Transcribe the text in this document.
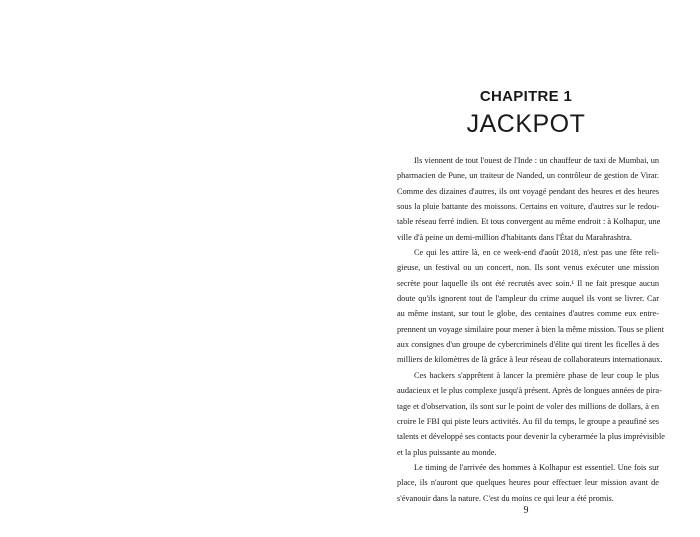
CHAPITRE 1
JACKPOT
Ils viennent de tout l'ouest de l'Inde : un chauffeur de taxi de Mumbai, un
pharmacien de Pune, un traiteur de Nanded, un contrôleur de gestion de Virar.
Comme des dizaines d'autres, ils ont voyagé pendant des heures et des heures
sous la pluie battante des moissons. Certains en voiture, d'autres sur le redou-
table réseau ferré indien. Et tous convergent au même endroit : à Kolhapur, une
ville d'à peine un demi-million d'habitants dans l'État du Marahrashtra.
Ce qui les attire là, en ce week-end d'août 2018, n'est pas une fête reli-
gieuse, un festival ou un concert, non. Ils sont venus exécuter une mission
secrète pour laquelle ils ont été recrutés avec soin.¹ Il ne fait presque aucun
doute qu'ils ignorent tout de l'ampleur du crime auquel ils vont se livrer. Car
au même instant, sur tout le globe, des centaines d'autres comme eux entre-
prennent un voyage similaire pour mener à bien la même mission. Tous se plient
aux consignes d'un groupe de cybercriminels d'élite qui tirent les ficelles à des
milliers de kilomètres de là grâce à leur réseau de collaborateurs internationaux.
Ces hackers s'apprêtent à lancer la première phase de leur coup le plus
audacieux et le plus complexe jusqu'à présent. Après de longues années de pira-
tage et d'observation, ils sont sur le point de voler des millions de dollars, à en
croire le FBI qui piste leurs activités. Au fil du temps, le groupe a peaufiné ses
talents et développé ses contacts pour devenir la cyberarmée la plus imprévisible
et la plus puissante au monde.
Le timing de l'arrivée des hommes à Kolhapur est essentiel. Une fois sur
place, ils n'auront que quelques heures pour effectuer leur mission avant de
s'évanouir dans la nature. C'est du moins ce qui leur a été promis.
9
